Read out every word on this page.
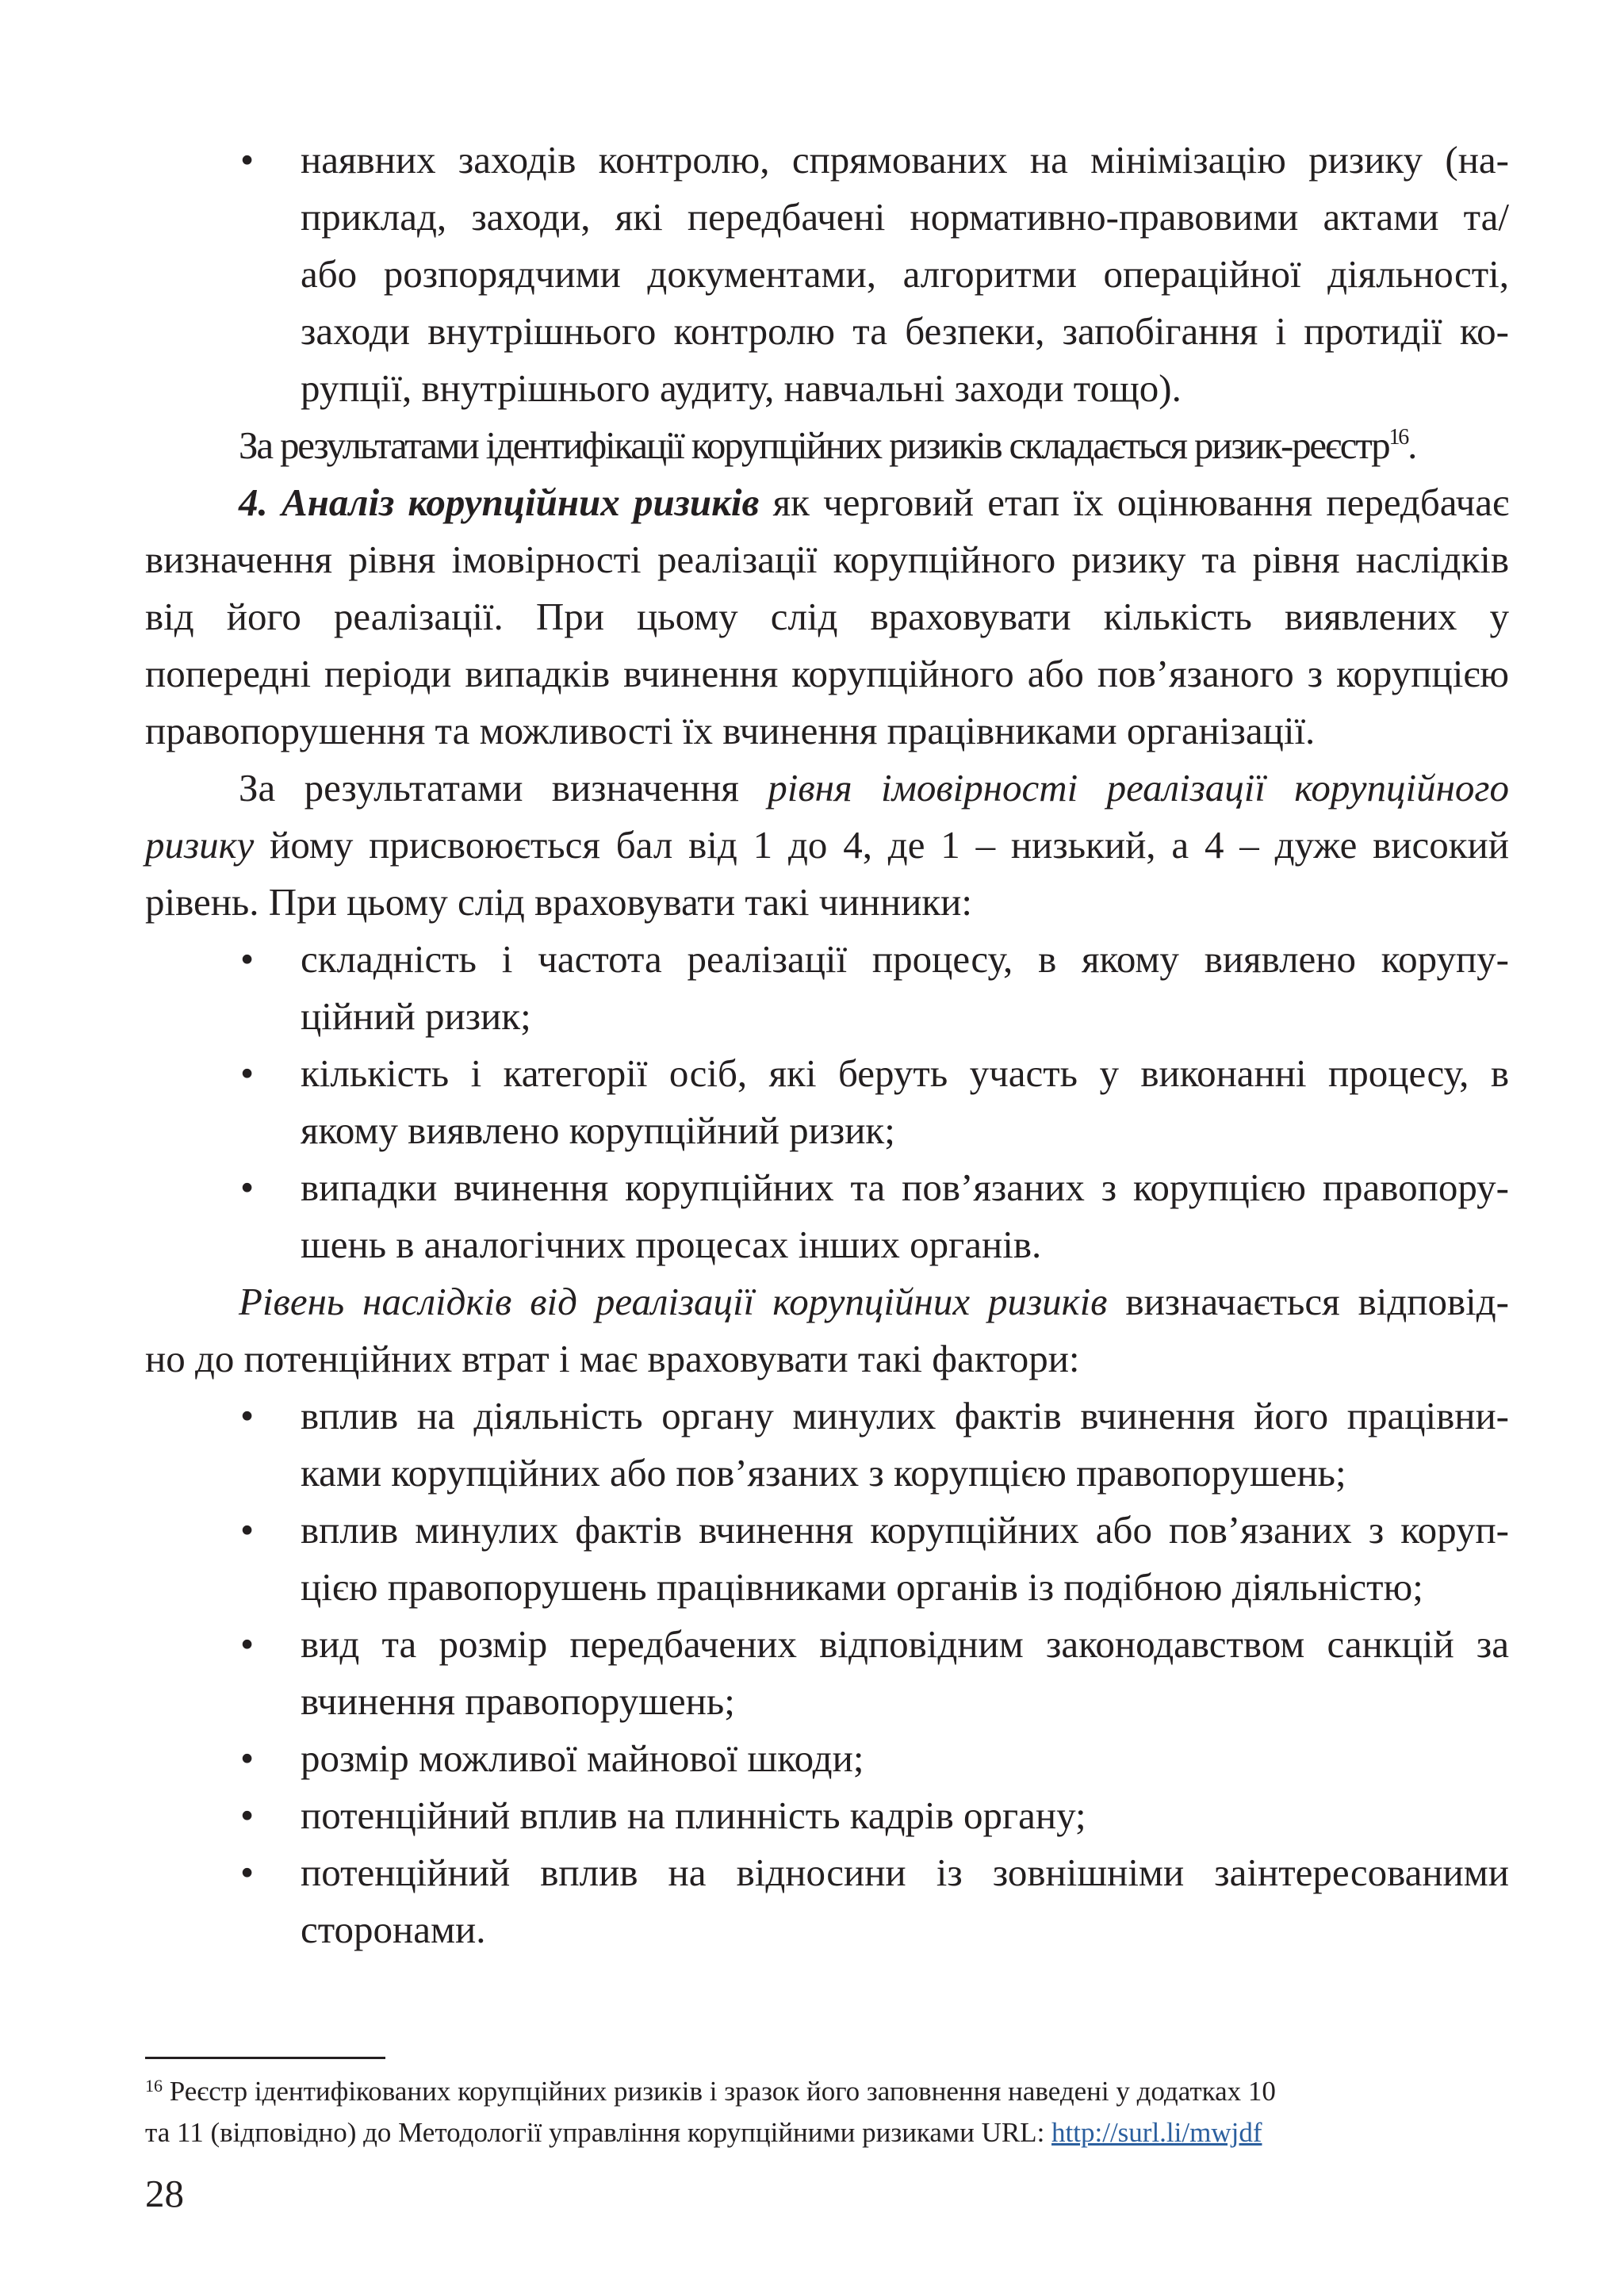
• наявних заходів контролю, спрямованих на мінімізацію ризику (на-
приклад, заходи, які передбачені нормативно-правовими актами та/
або розпорядчими документами, алгоритми операційної діяльності,
заходи внутрішнього контролю та безпеки, запобігання і протидії ко-
рупції, внутрішнього аудиту, навчальні заходи тощо).
За результатами ідентифікації корупційних ризиків складається ризик-реєстр$^{16}$.
4. Аналіз корупційних ризиків як черговий етап їх оцінювання передбачає
визначення рівня імовірності реалізації корупційного ризику та рівня наслідків
від його реалізації. При цьому слід враховувати кількість виявлених у
попередні періоди випадків вчинення корупційного або пов’язаного з корупцією
правопорушення та можливості їх вчинення працівниками організації.
За результатами визначення рівня імовірності реалізації корупційного
ризику йому присвоюється бал від 1 до 4, де 1 – низький, а 4 – дуже високий
рівень. При цьому слід враховувати такі чинники:
• складність і частота реалізації процесу, в якому виявлено корупу-
ційний ризик;
• кількість і категорії осіб, які беруть участь у виконанні процесу, в
якому виявлено корупційний ризик;
• випадки вчинення корупційних та пов’язаних з корупцією правопору-
шень в аналогічних процесах інших органів.
Рівень наслідків від реалізації корупційних ризиків визначається відповід-
но до потенційних втрат і має враховувати такі фактори:
• вплив на діяльність органу минулих фактів вчинення його працівни-
ками корупційних або пов’язаних з корупцією правопорушень;
• вплив минулих фактів вчинення корупційних або пов’язаних з коруп-
цією правопорушень працівниками органів із подібною діяльністю;
• вид та розмір передбачених відповідним законодавством санкцій за
вчинення правопорушень;
• розмір можливої майнової шкоди;
• потенційний вплив на плинність кадрів органу;
• потенційний вплив на відносини із зовнішніми заінтересованими
сторонами.
$^{16}$ Реєстр ідентифікованих корупційних ризиків і зразок його заповнення наведені у додатках 10
та 11 (відповідно) до Методології управління корупційними ризиками URL: http://surl.li/mwjdf
28
